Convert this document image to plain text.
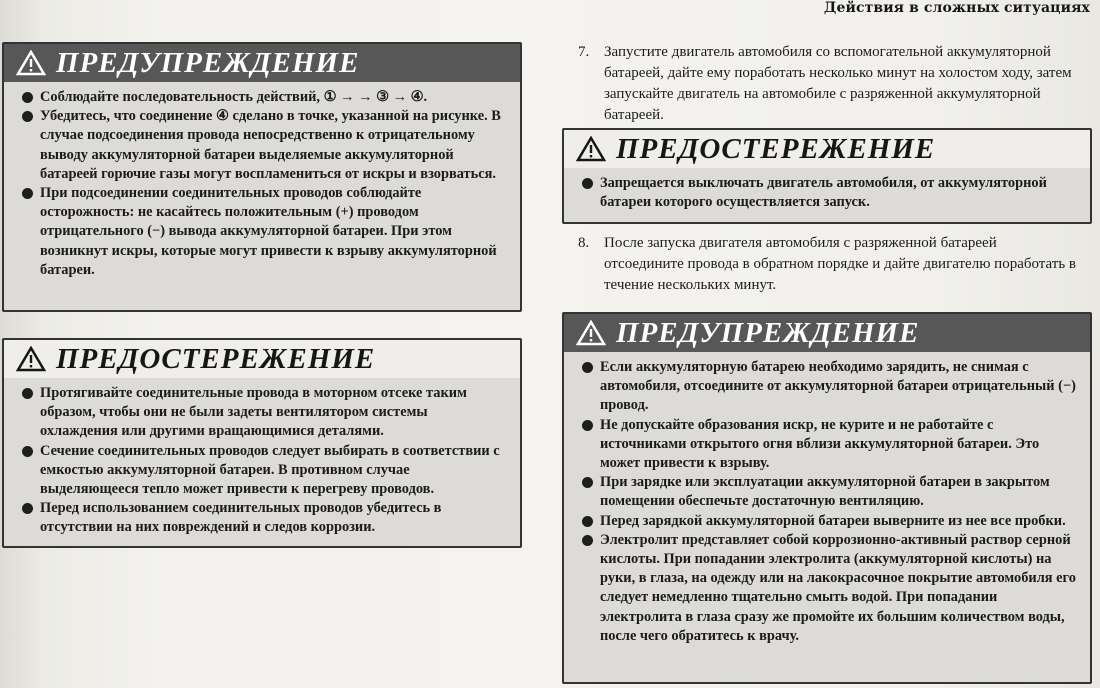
Действия в сложных ситуациях
ПРЕДУПРЕЖДЕНИЕ
Соблюдайте последовательность действий, ① → → ③ → ④.
Убедитесь, что соединение ④ сделано в точке, указанной на рисунке. В случае подсоединения провода непосредственно к отрицательному выводу аккумуляторной батареи выделяемые аккумуляторной батареей горючие газы могут воспламениться от искры и взорваться.
При подсоединении соединительных проводов соблюдайте осторожность: не касайтесь положительным (+) проводом отрицательного (−) вывода аккумуляторной батареи. При этом возникнут искры, которые могут привести к взрыву аккумуляторной батареи.
ПРЕДОСТЕРЕЖЕНИЕ
Протягивайте соединительные провода в моторном отсеке таким образом, чтобы они не были задеты вентилятором системы охлаждения или другими вращающимися деталями.
Сечение соединительных проводов следует выбирать в соответствии с емкостью аккумуляторной батареи. В противном случае выделяющееся тепло может привести к перегреву проводов.
Перед использованием соединительных проводов убедитесь в отсутствии на них повреждений и следов коррозии.
7. Запустите двигатель автомобиля со вспомогательной аккумуляторной батареей, дайте ему поработать несколько минут на холостом ходу, затем запускайте двигатель на автомобиле с разряженной аккумуляторной батареей.
ПРЕДОСТЕРЕЖЕНИЕ
Запрещается выключать двигатель автомобиля, от аккумуляторной батареи которого осуществляется запуск.
8. После запуска двигателя автомобиля с разряженной батареей отсоедините провода в обратном порядке и дайте двигателю поработать в течение нескольких минут.
ПРЕДУПРЕЖДЕНИЕ
Если аккумуляторную батарею необходимо зарядить, не снимая с автомобиля, отсоедините от аккумуляторной батареи отрицательный (−) провод.
Не допускайте образования искр, не курите и не работайте с источниками открытого огня вблизи аккумуляторной батареи. Это может привести к взрыву.
При зарядке или эксплуатации аккумуляторной батареи в закрытом помещении обеспечьте достаточную вентиляцию.
Перед зарядкой аккумуляторной батареи выверните из нее все пробки.
Электролит представляет собой коррозионно-активный раствор серной кислоты. При попадании электролита (аккумуляторной кислоты) на руки, в глаза, на одежду или на лакокрасочное покрытие автомобиля его следует немедленно тщательно смыть водой. При попадании электролита в глаза сразу же промойте их большим количеством воды, после чего обратитесь к врачу.
